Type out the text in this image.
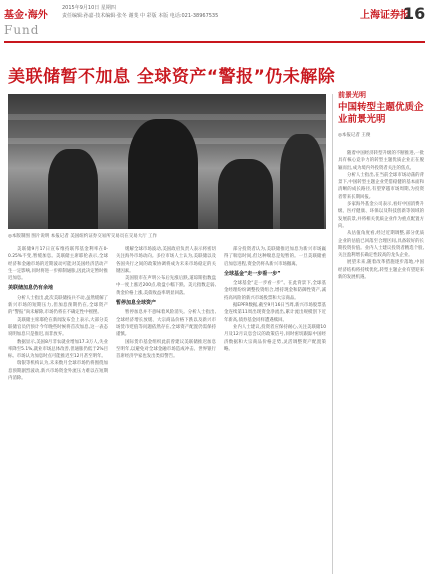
基金·海外
Fund
2015年9月10日 星期四
责任编辑:孙嘉·技术编辑·张冬 谢斐 中 彩版 本版 电话:021-38967535	上海证券报
16
美联储暂不加息 全球资产“警报”仍未解除
◎本版制图 图片说明 本报记者 美国纽约证券交易所交易员在交易大厅 工作

美联储9月17日宣布维持联邦基金利率在0-0.25%不变,暂缓加息。美联储主席耶伦表示,全球经济和金融市场的近期波动可能对美国经济活动产生一定影响,同时将进一步抑制通胀,因此决定暂时推迟加息。

美联储加息仍有余地

分析人士指出,此次美联储按兵不动,虽然缓解了新兴市场的短期压力,但加息预期仍在,全球资产的“警报”尚未解除,市场仍将在不确定性中摇摆。

美联储主席耶伦在新闻发布会上表示,大部分美联储官员仍预计今年晚些时候将首次加息,这一表态说明加息只是推迟,而非放弃。

数据显示,美国8月非农就业增加17.3万人,失业率降至5.1%,就业市场总体改善,但通胀仍低于2%目标。市场认为加息时点可能推迟至12月甚至明年。

瑞银等机构认为,未来数月全球市场仍将围绕加息预期剧烈波动,新兴市场资金外流压力难以在短期内消除。

缓解全球市场波动,美国政府负责人表示将密切关注海外市场动向。多位市场人士认为,美联储以及各国央行之间的政策协调将成为未来市场稳定的关键因素。

美国股市在声明公布后先涨后跌,道琼斯指数盘中一度上涨近200点,收盘小幅下跌。美元指数走弱,黄金价格上涨,美债收益率明显回落。

暂停加息全球资产

暂停加息并不意味着风险消失。分析人士指出,全球经济增长放缓、大宗商品价格下跌以及新兴市场货币贬值等问题依然存在,全球资产配置仍需保持谨慎。

国际货币基金组织此前曾建议美联储推迟加息至明年,以避免对全球金融市场造成冲击。世界银行首席经济学家也发出类似警告。

部分投资者认为,美联储推迟加息为新兴市场赢得了喘息时间,但这种喘息是短暂的。一旦美联储重启加息进程,资金仍将从新兴市场撤离。

全球基金“走一步看一步”

全球基金“走一步看一步”。在此背景下,全球基金经理纷纷调整投资组合,增持现金和防御性资产,减持高风险的新兴市场股票和大宗商品。

据EPFR数据,截至9月16日当周,新兴市场股票基金连续第11周出现资金净流出,累计流出规模创下近年新高,债券基金同样遭遇赎回。

业内人士建议,投资者应保持耐心,关注美联储10月及12月议息会议的政策信号,同时密切跟踪中国经济数据和大宗商品价格走势,灵活调整资产配置策略。

前景光明
中国转型主题优质企业前景光明
◎本报记者 王俊

随着中国经济转型升级的不断推进,一批具有核心竞争力的转型主题优质企业正在脱颖而出,成为境内外投资者关注的焦点。

分析人士指出,在当前全球市场动荡的背景下,中国转型主题企业凭借稳健的基本面和清晰的成长路径,有望穿越市场周期,为投资者带来长期回报。

多家海外基金公司表示,看好中国消费升级、医疗健康、环保以及科技创新等领域的发展前景,并将相关优质企业作为重点配置方向。

从估值角度看,经过近期调整,部分优质企业的估值已回落至合理区间,具备较好的长期投资价值。业内人士建议投资者精选个股,关注盈利增长确定性较高的龙头企业。

展望未来,随着改革措施逐步落地,中国经济结构将持续优化,转型主题企业有望迎来新的发展机遇。
